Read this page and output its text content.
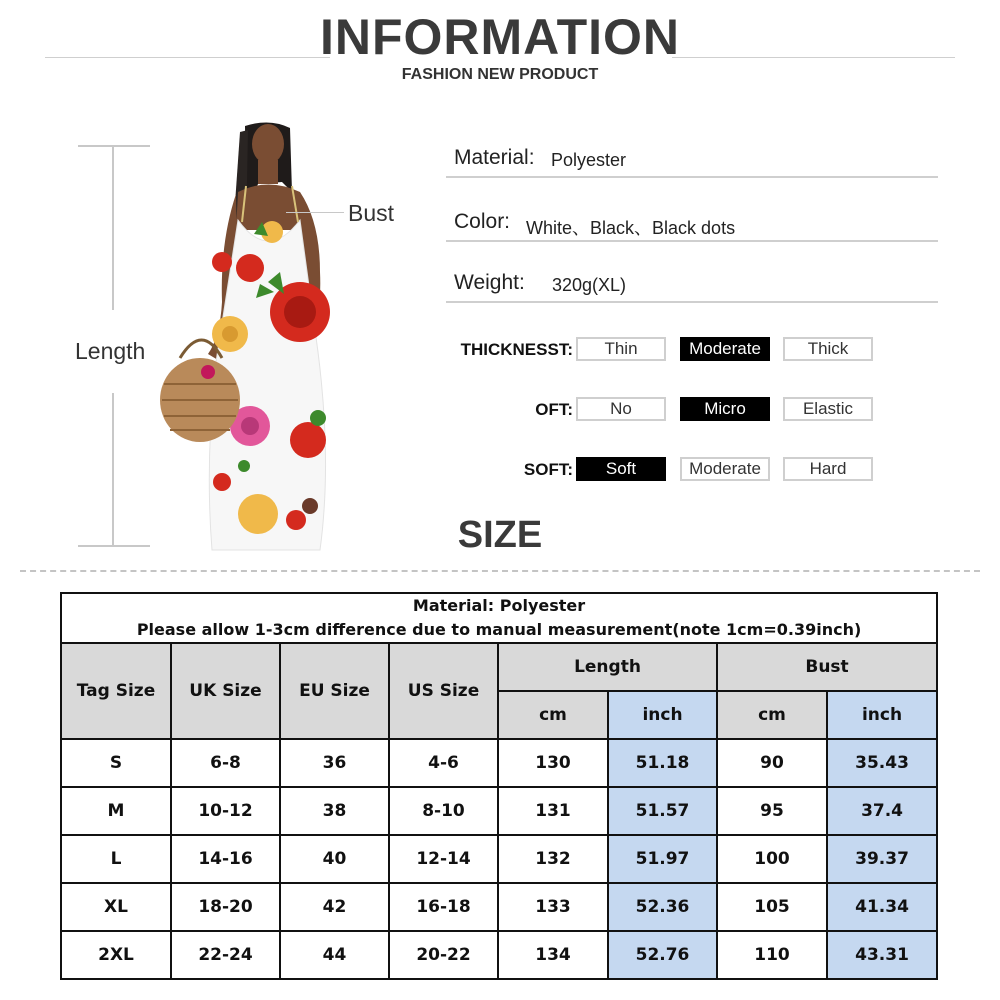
INFORMATION
FASHION NEW PRODUCT
Length
Bust
Material: Polyester
Color: White、Black、Black dots
Weight: 320g(XL)
THICKNESST:	Thin	Moderate	Thick
OFT:	No	Micro	Elastic
SOFT:	Soft	Moderate	Hard
SIZE
Material: Polyester
Please allow 1-3cm difference due to manual measurement(note 1cm=0.39inch)							

Tag Size	UK Size	EU Size	US Size	Length		Bust	
				cm	inch	cm	inch
S	6-8	36	4-6	130	51.18	90	35.43
M	10-12	38	8-10	131	51.57	95	37.4
L	14-16	40	12-14	132	51.97	100	39.37
XL	18-20	42	16-18	133	52.36	105	41.34
2XL	22-24	44	20-22	134	52.76	110	43.31
